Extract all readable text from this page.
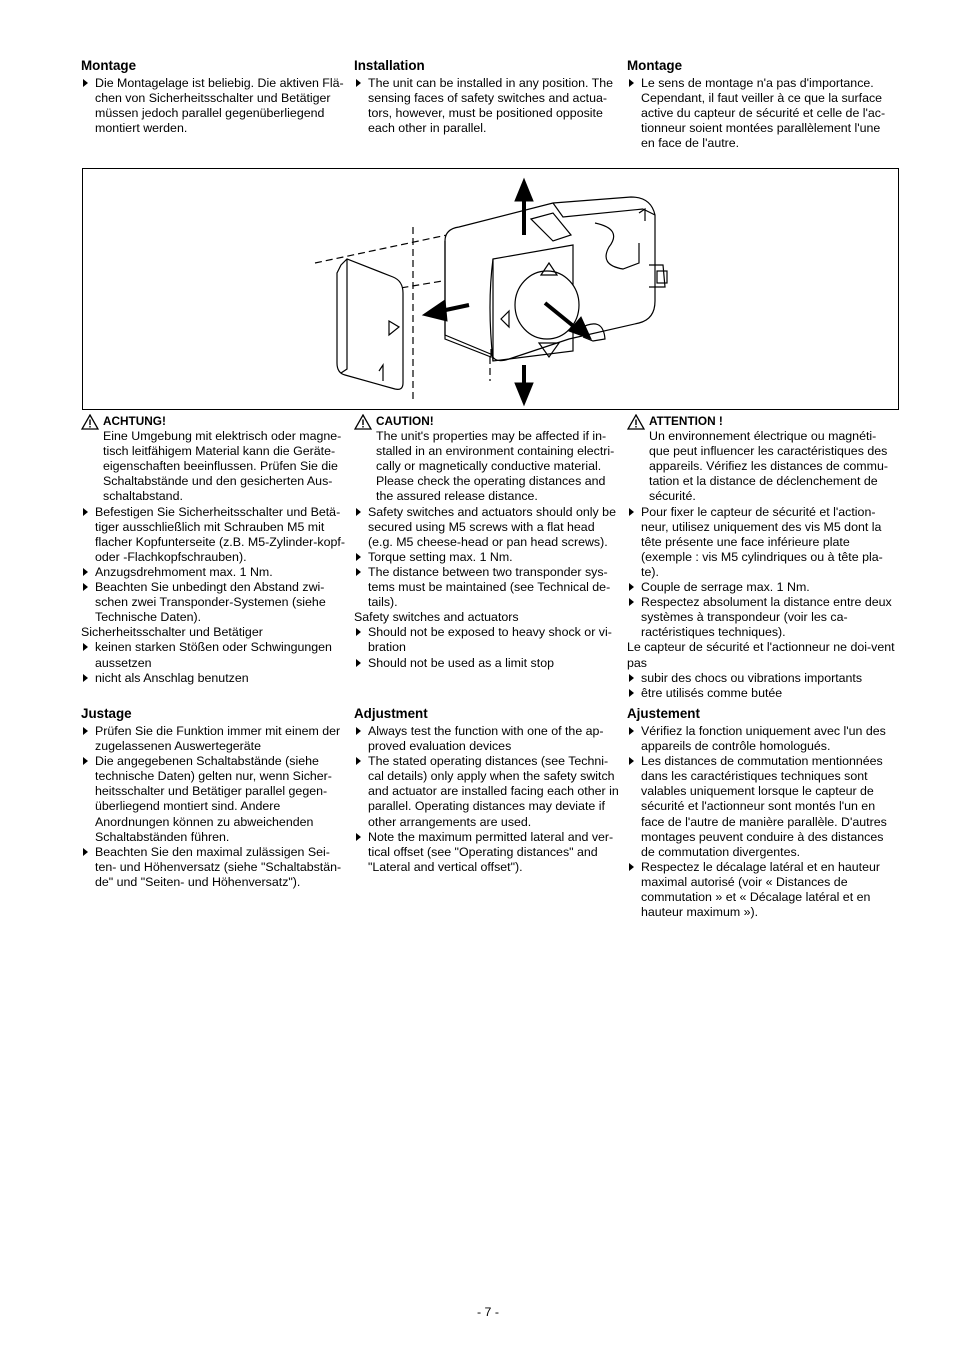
Montage
Die Montagelage ist beliebig. Die aktiven Flä-chen von Sicherheitsschalter und Betätiger müssen jedoch parallel gegenüberliegend montiert werden.
Installation
The unit can be installed in any position. The sensing faces of safety switches and actua-tors, however, must be positioned opposite each other in parallel.
Montage
Le sens de montage n'a pas d'importance. Cependant, il faut veiller à ce que la surface active du capteur de sécurité et celle de l'ac-tionneur soient montées parallèlement l'une en face de l'autre.
ACHTUNG!
Eine Umgebung mit elektrisch oder magne-tisch leitfähigem Material kann die Geräte-eigenschaften beeinflussen. Prüfen Sie die Schaltabstände und den gesicherten Aus-schaltabstand.
Befestigen Sie Sicherheitsschalter und Betä-tiger ausschließlich mit Schrauben M5 mit flacher Kopfunterseite (z.B. M5-Zylinder-kopf- oder -Flachkopfschrauben).
Anzugsdrehmoment max. 1 Nm.
Beachten Sie unbedingt den Abstand zwi-schen zwei Transponder-Systemen (siehe Technische Daten).

Sicherheitsschalter und Betätiger

keinen starken Stößen oder Schwingungen aussetzen
nicht als Anschlag benutzen
CAUTION!
The unit's properties may be affected if in-stalled in an environment containing electri-cally or magnetically conductive material. Please check the operating distances and the assured release distance.
Safety switches and actuators should only be secured using M5 screws with a flat head (e.g. M5 cheese-head or pan head screws).
Torque setting max. 1 Nm.
The distance between two transponder sys-tems must be maintained (see Technical de-tails).

Safety switches and actuators

Should not be exposed to heavy shock or vi-bration
Should not be used as a limit stop
ATTENTION !
Un environnement électrique ou magnéti-que peut influencer les caractéristiques des appareils. Vérifiez les distances de commu-tation et la distance de déclenchement de sécurité.
Pour fixer le capteur de sécurité et l'action-neur, utilisez uniquement des vis M5 dont la tête présente une face inférieure plate (exemple : vis M5 cylindriques ou à tête pla-te).
Couple de serrage max. 1 Nm.
Respectez absolument la distance entre deux systèmes à transpondeur (voir les ca-ractéristiques techniques).

Le capteur de sécurité et l'actionneur ne doi-vent pas

subir des chocs ou vibrations importants
être utilisés comme butée
Justage
Prüfen Sie die Funktion immer mit einem der zugelassenen Auswertegeräte
Die angegebenen Schaltabstände (siehe technische Daten) gelten nur, wenn Sicher-heitsschalter und Betätiger parallel gegen-überliegend montiert sind. Andere Anordnungen können zu abweichenden Schaltabständen führen.
Beachten Sie den maximal zulässigen Sei-ten- und Höhenversatz (siehe "Schaltabstän-de" und "Seiten- und Höhenversatz").
Adjustment
Always test the function with one of the ap-proved evaluation devices
The stated operating distances (see Techni-cal details) only apply when the safety switch and actuator are installed facing each other in parallel. Operating distances may deviate if other arrangements are used.
Note the maximum permitted lateral and ver-tical offset (see "Operating distances" and "Lateral and vertical offset").
Ajustement
Vérifiez la fonction uniquement avec l'un des appareils de contrôle homologués.
Les distances de commutation mentionnées dans les caractéristiques techniques sont valables uniquement lorsque le capteur de sécurité et l'actionneur sont montés l'un en face de l'autre de manière parallèle. D'autres montages peuvent conduire à des distances de commutation divergentes.
Respectez le décalage latéral et en hauteur maximal autorisé (voir « Distances de commutation » et « Décalage latéral et en hauteur maximum »).
- 7 -
